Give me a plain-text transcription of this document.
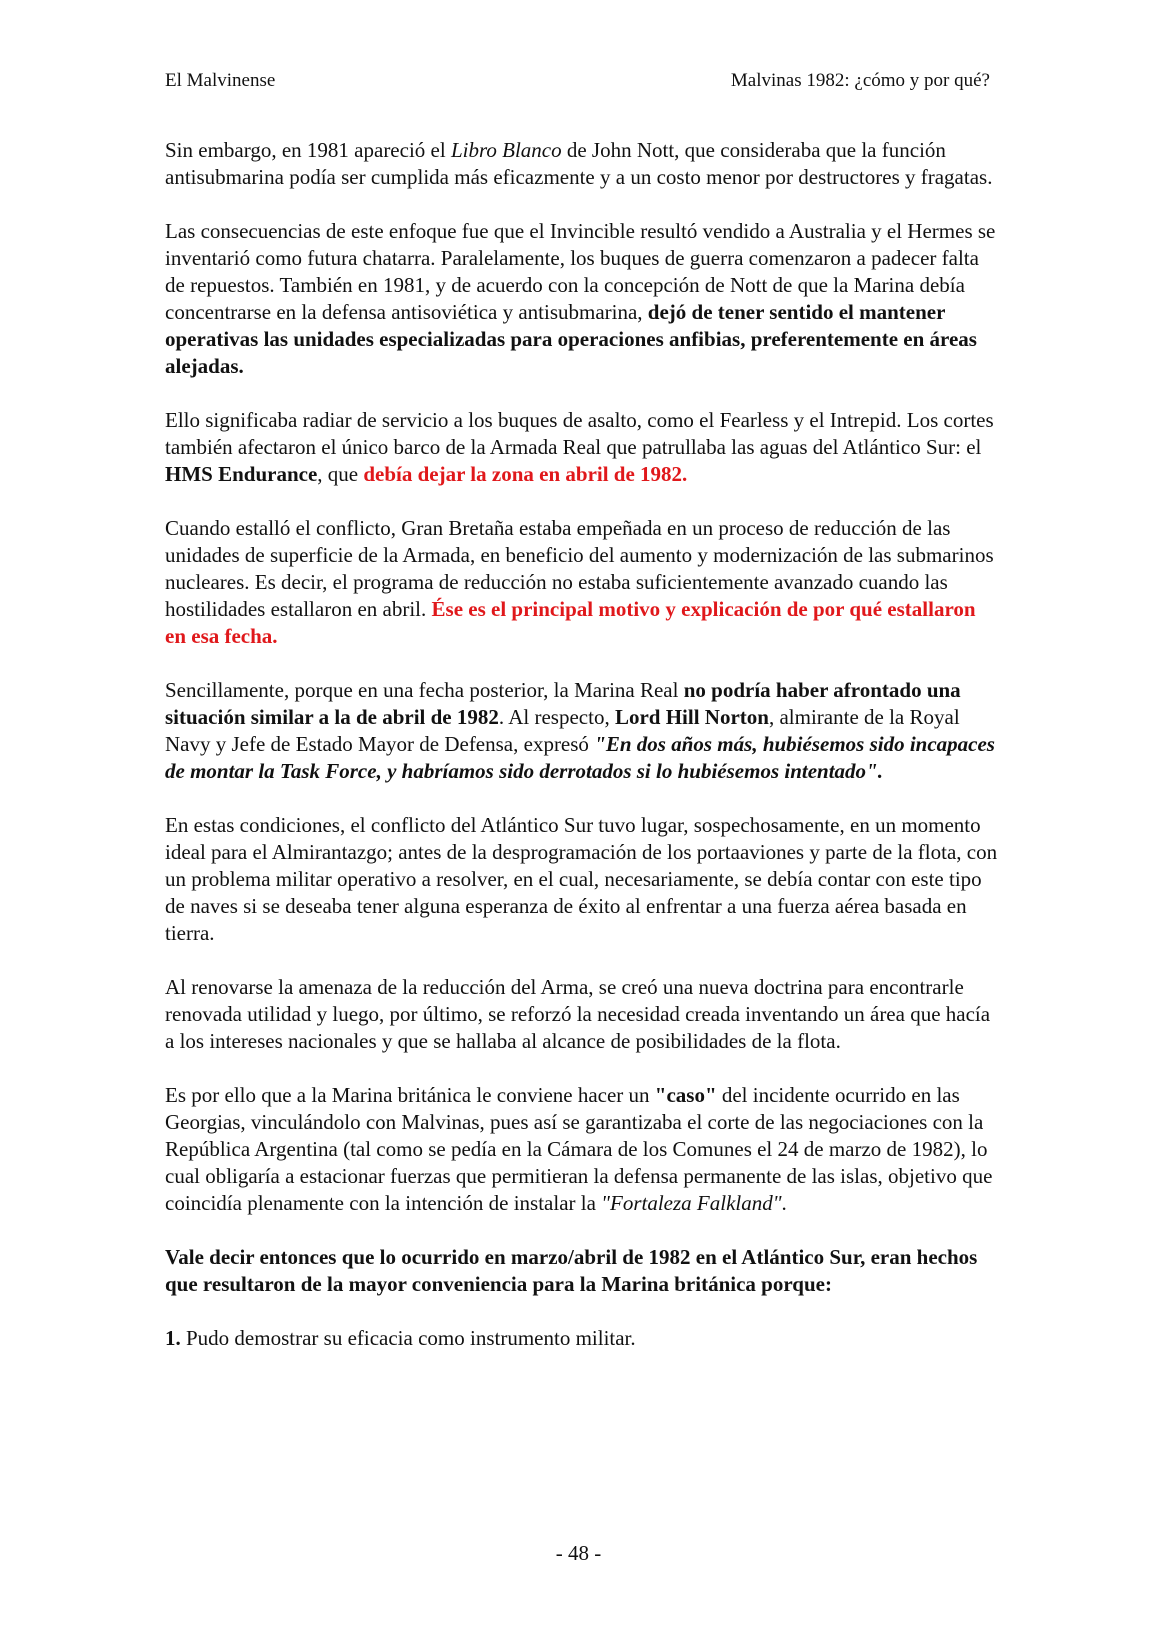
El Malvinense	Malvinas 1982: ¿cómo y por qué?

Sin embargo, en 1981 apareció el Libro Blanco de John Nott, que consideraba que la función antisubmarina podía ser cumplida más eficazmente y a un costo menor por destructores y fragatas.

Las consecuencias de este enfoque fue que el Invincible resultó vendido a Australia y el Hermes se inventarió como futura chatarra. Paralelamente, los buques de guerra comenzaron a padecer falta de repuestos. También en 1981, y de acuerdo con la concepción de Nott de que la Marina debía concentrarse en la defensa antisoviética y antisubmarina, dejó de tener sentido el mantener operativas las unidades especializadas para operaciones anfibias, preferentemente en áreas alejadas.

Ello significaba radiar de servicio a los buques de asalto, como el Fearless y el Intrepid. Los cortes también afectaron el único barco de la Armada Real que patrullaba las aguas del Atlántico Sur: el HMS Endurance, que debía dejar la zona en abril de 1982.

Cuando estalló el conflicto, Gran Bretaña estaba empeñada en un proceso de reducción de las unidades de superficie de la Armada, en beneficio del aumento y modernización de las submarinos nucleares. Es decir, el programa de reducción no estaba suficientemente avanzado cuando las hostilidades estallaron en abril. Ése es el principal motivo y explicación de por qué estallaron en esa fecha.

Sencillamente, porque en una fecha posterior, la Marina Real no podría haber afrontado una situación similar a la de abril de 1982. Al respecto, Lord Hill Norton, almirante de la Royal Navy y Jefe de Estado Mayor de Defensa, expresó "En dos años más, hubiésemos sido incapaces de montar la Task Force, y habríamos sido derrotados si lo hubiésemos intentado".

En estas condiciones, el conflicto del Atlántico Sur tuvo lugar, sospechosamente, en un momento ideal para el Almirantazgo; antes de la desprogramación de los portaaviones y parte de la flota, con un problema militar operativo a resolver, en el cual, necesariamente, se debía contar con este tipo de naves si se deseaba tener alguna esperanza de éxito al enfrentar a una fuerza aérea basada en tierra.

Al renovarse la amenaza de la reducción del Arma, se creó una nueva doctrina para encontrarle renovada utilidad y luego, por último, se reforzó la necesidad creada inventando un área que hacía a los intereses nacionales y que se hallaba al alcance de posibilidades de la flota.

Es por ello que a la Marina británica le conviene hacer un "caso" del incidente ocurrido en las Georgias, vinculándolo con Malvinas, pues así se garantizaba el corte de las negociaciones con la República Argentina (tal como se pedía en la Cámara de los Comunes el 24 de marzo de 1982), lo cual obligaría a estacionar fuerzas que permitieran la defensa permanente de las islas, objetivo que coincidía plenamente con la intención de instalar la "Fortaleza Falkland".

Vale decir entonces que lo ocurrido en marzo/abril de 1982 en el Atlántico Sur, eran hechos que resultaron de la mayor conveniencia para la Marina británica porque:

1. Pudo demostrar su eficacia como instrumento militar.

- 48 -
